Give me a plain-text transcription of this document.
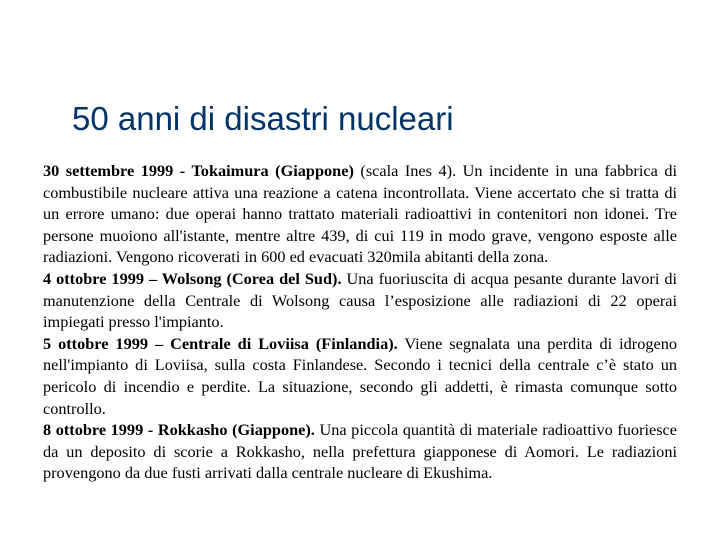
50 anni di disastri nucleari

30 settembre 1999 - Tokaimura (Giappone) (scala Ines 4). Un incidente in una fabbrica di combustibile nucleare attiva una reazione a catena incontrollata. Viene accertato che si tratta di un errore umano: due operai hanno trattato materiali radioattivi in contenitori non idonei. Tre persone muoiono all'istante, mentre altre 439, di cui 119 in modo grave, vengono esposte alle radiazioni. Vengono ricoverati in 600 ed evacuati 320mila abitanti della zona.

4 ottobre 1999 – Wolsong (Corea del Sud). Una fuoriuscita di acqua pesante durante lavori di manutenzione della Centrale di Wolsong causa l’esposizione alle radiazioni di 22 operai impiegati presso l'impianto.

5 ottobre 1999 – Centrale di Loviisa (Finlandia). Viene segnalata una perdita di idrogeno nell'impianto di Loviisa, sulla costa Finlandese. Secondo i tecnici della centrale c’è stato un pericolo di incendio e perdite. La situazione, secondo gli addetti, è rimasta comunque sotto controllo.

8 ottobre 1999 - Rokkasho (Giappone). Una piccola quantità di materiale radioattivo fuoriesce da un deposito di scorie a Rokkasho, nella prefettura giapponese di Aomori. Le radiazioni provengono da due fusti arrivati dalla centrale nucleare di Ekushima.
